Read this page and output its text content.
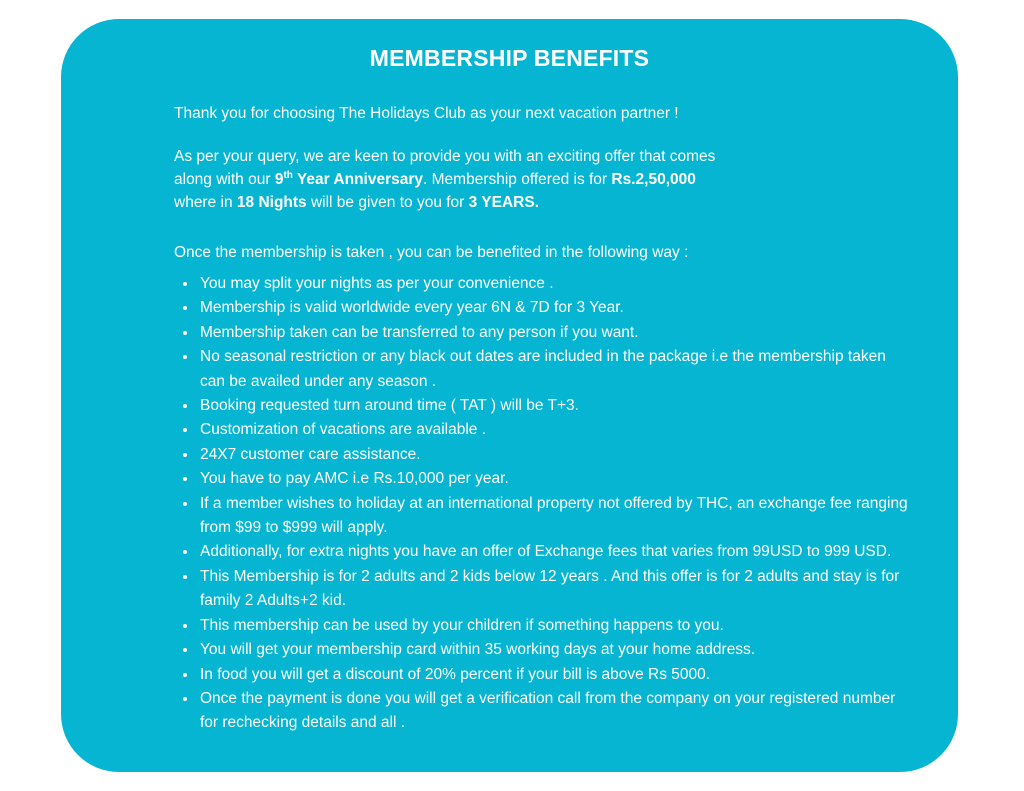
MEMBERSHIP BENEFITS

Thank you for choosing The Holidays Club as your next vacation partner !

As per your query, we are keen to provide you with an exciting offer that comes
along with our 9th Year Anniversary. Membership offered is for Rs.2,50,000
where in 18 Nights will be given to you for 3 YEARS.

Once the membership is taken , you can be benefited in the following way :

You may split your nights as per your convenience .
Membership is valid worldwide every year 6N & 7D for 3 Year.
Membership taken can be transferred to any person if you want.
No seasonal restriction or any black out dates are included in the package i.e the membership taken can be availed under any season .
Booking requested turn around time ( TAT ) will be T+3.
Customization of vacations are available .
24X7 customer care assistance.
You have to pay AMC i.e Rs.10,000 per year.
If a member wishes to holiday at an international property not offered by THC, an exchange fee ranging from $99 to $999 will apply.
Additionally, for extra nights you have an offer of Exchange fees that varies from 99USD to 999 USD.
This Membership is for 2 adults and 2 kids below 12 years . And this offer is for 2 adults and stay is for family 2 Adults+2 kid.
This membership can be used by your children if something happens to you.
You will get your membership card within 35 working days at your home address.
In food you will get a discount of 20% percent if your bill is above Rs 5000.
Once the payment is done you will get a verification call from the company on your registered number for rechecking details and all .
